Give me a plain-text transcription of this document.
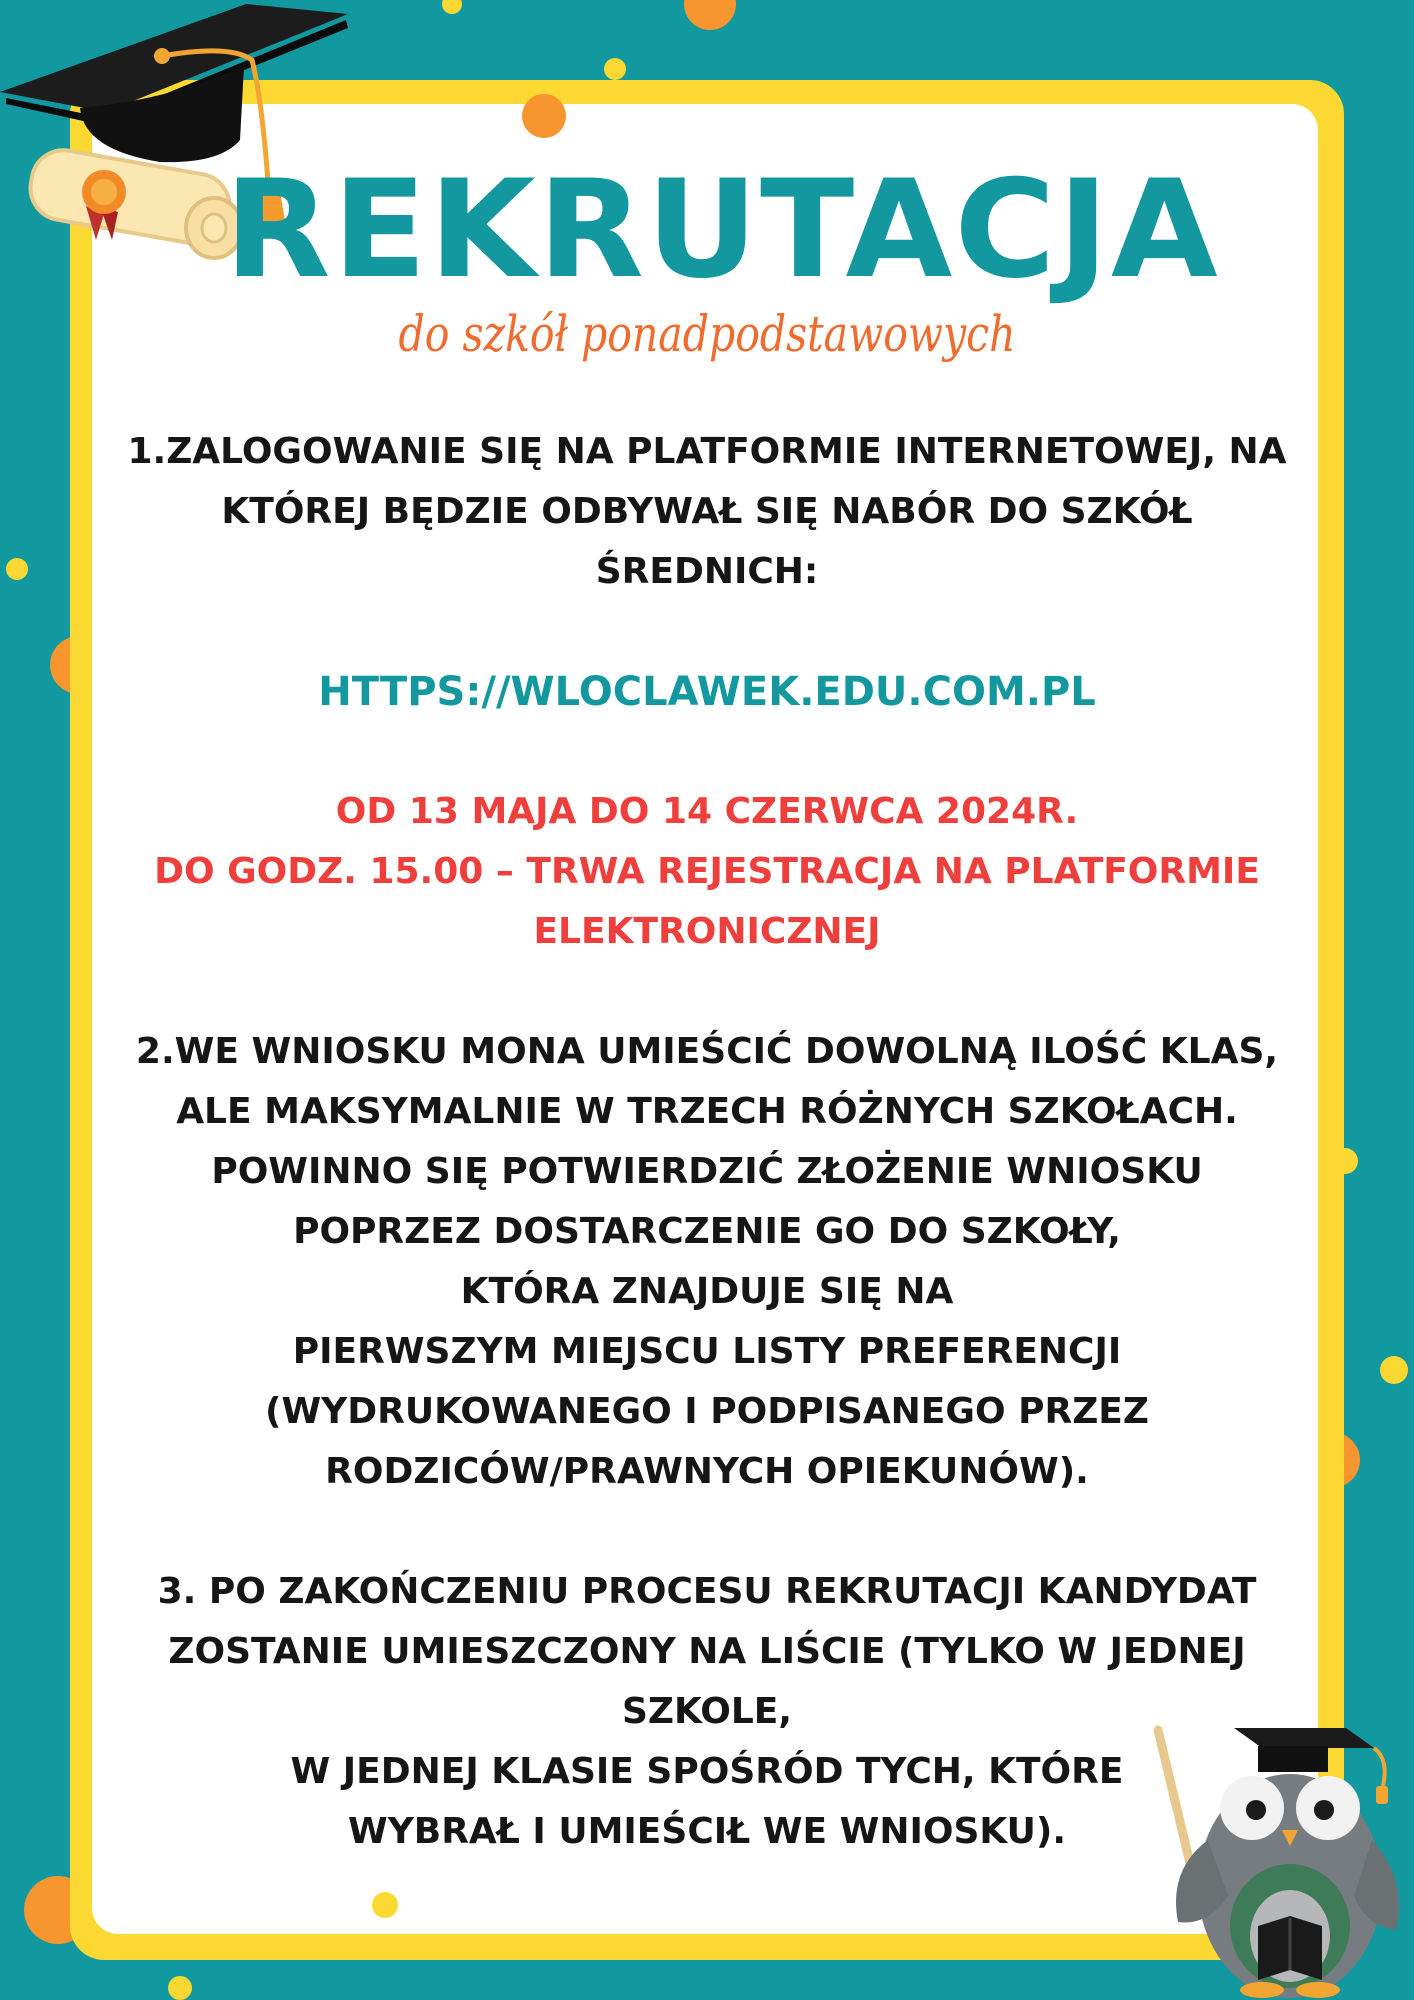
REKRUTACJA
do szkół ponadpodstawowych
1.ZALOGOWANIE SIĘ NA PLATFORMIE INTERNETOWEJ, NA
KTÓREJ BĘDZIE ODBYWAŁ SIĘ NABÓR DO SZKÓŁ
ŚREDNICH:
HTTPS://WLOCLAWEK.EDU.COM.PL
OD 13 MAJA DO 14 CZERWCA 2024R.
DO GODZ. 15.00 – TRWA REJESTRACJA NA PLATFORMIE
ELEKTRONICZNEJ
2.WE WNIOSKU MONA UMIEŚCIĆ DOWOLNĄ ILOŚĆ KLAS,
ALE MAKSYMALNIE W TRZECH RÓŻNYCH SZKOŁACH.
POWINNO SIĘ POTWIERDZIĆ ZŁOŻENIE WNIOSKU
POPRZEZ DOSTARCZENIE GO DO SZKOŁY,
KTÓRA ZNAJDUJE SIĘ NA
PIERWSZYM MIEJSCU LISTY PREFERENCJI
(WYDRUKOWANEGO I PODPISANEGO PRZEZ
RODZICÓW/PRAWNYCH OPIEKUNÓW).
3. PO ZAKOŃCZENIU PROCESU REKRUTACJI KANDYDAT
ZOSTANIE UMIESZCZONY NA LIŚCIE (TYLKO W JEDNEJ
SZKOLE,
W JEDNEJ KLASIE SPOŚRÓD TYCH, KTÓRE
WYBRAŁ I UMIEŚCIŁ WE WNIOSKU).
